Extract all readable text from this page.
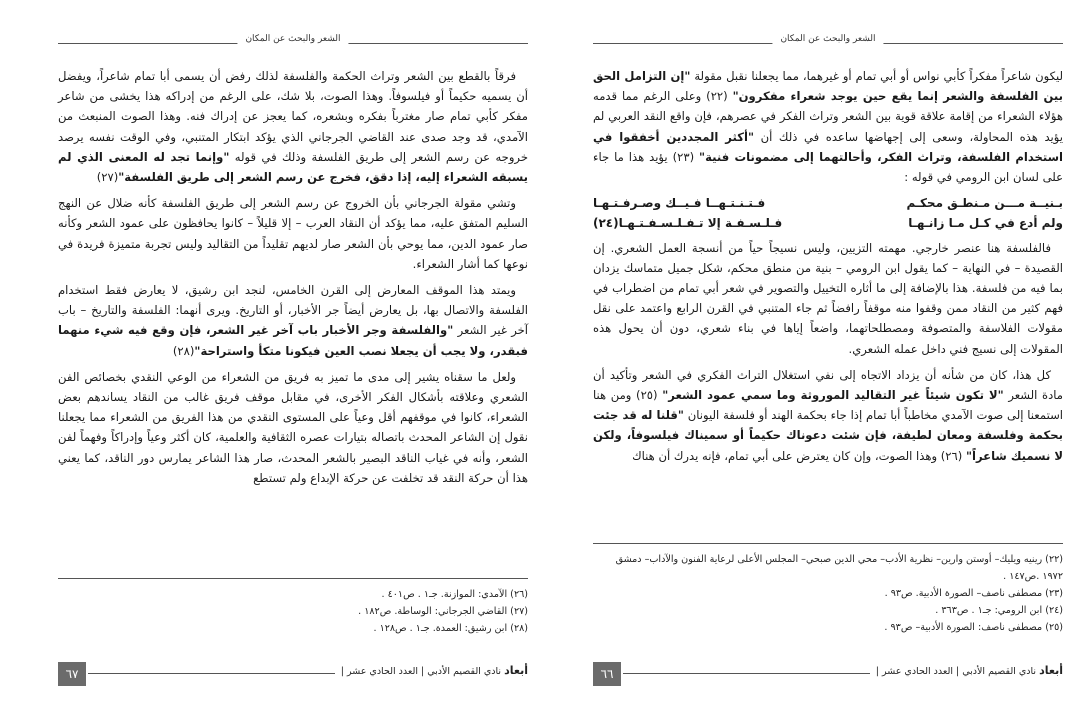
الشعر والبحث عن المكان

فرقاً بالقطع بين الشعر وتراث الحكمة والفلسفة لذلك رفض أن يسمى أبا تمام شاعراً، ويفضل أن يسميه حكيماً أو فيلسوفاً. وهذا الصوت، بلا شك، على الرغم من إدراكه هذا يخشى من شاعر مفكر كأبي تمام صار مغترباً بفكره وبشعره، كما يعجز عن إدراك فنه. وهذا الصوت المنبعث من الآمدي، قد وجد صدى عند القاضي الجرجاني الذي يؤكد ابتكار المتنبي، وفي الوقت نفسه يرصد خروجه عن رسم الشعر إلى طريق الفلسفة وذلك في قوله "وإنما تجد له المعنى الذي لم يسبقه الشعراء إليه، إذا دقق، فخرج عن رسم الشعر إلى طريق الفلسفة"(٢٧)

وتشي مقولة الجرجاني بأن الخروج عن رسم الشعر إلى طريق الفلسفة كأنه ضلال عن النهج السليم المتفق عليه، مما يؤكد أن النقاد العرب – إلا قليلاً – كانوا يحافظون على عمود الشعر وكأنه صار عمود الدين، مما يوحي بأن الشعر صار لديهم تقليداً من التقاليد وليس تجربة متميزة فريدة في نوعها كما أشار الشعراء.

ويمتد هذا الموقف المعارض إلى القرن الخامس، لنجد ابن رشيق، لا يعارض فقط استخدام الفلسفة والاتصال بها، بل يعارض أيضاً جر الأخبار، أو التاريخ. ويرى أنهما: الفلسفة والتاريخ – باب آخر غير الشعر "والفلسفة وجر الأخبار باب آخر غير الشعر، فإن وقع فيه شيء منهما فبقدر، ولا يجب أن يجعلا نصب العين فيكونا متكأ واستراحة"(٢٨)

ولعل ما سقناه يشير إلى مدى ما تميز به فريق من الشعراء من الوعي النقدي بخصائص الفن الشعري وعلاقته بأشكال الفكر الأخرى، في مقابل موقف فريق غالب من النقاد يساندهم بعض الشعراء، كانوا في موقفهم أقل وعياً على المستوى النقدي من هذا الفريق من الشعراء مما يجعلنا نقول إن الشاعر المحدث باتصاله بتيارات عصره الثقافية والعلمية، كان أكثر وعياً وإدراكاً وفهماً لفن الشعر، وأنه في غياب الناقد البصير بالشعر المحدث، صار هذا الشاعر يمارس دور الناقد، كما يعني هذا أن حركة النقد قد تخلفت عن حركة الإبداع ولم تستطع

(٢٦) الآمدي: الموازنة. جـ١ . ص٤٠١ .
(٢٧) القاضي الجرجاني: الوساطة. ص١٨٢ .
(٢٨) ابن رشيق: العمدة. جـ١ . ص١٢٨ .
٦٧	أبعاد نادي القصيم الأدبي | العدد الحادي عشر |
الشعر والبحث عن المكان

ليكون شاعراً مفكراً كأبي نواس أو أبي تمام أو غيرهما، مما يجعلنا نقبل مقولة "إن التزامل الحق بين الفلسفة والشعر إنما يقع حين يوجد شعراء مفكرون" (٢٢) وعلى الرغم مما قدمه هؤلاء الشعراء من إقامة علاقة قوية بين الشعر وتراث الفكر في عصرهم، فإن واقع النقد العربي لم يؤيد هذه المحاولة، وسعى إلى إجهاضها ساعده في ذلك أن "أكثر المجددين أخفقوا في استخدام الفلسفة، وتراث الفكر، وأحالتهما إلى مضمونات فنية" (٢٣) يؤيد هذا ما جاء على لسان ابن الرومي في قوله :

بـنيــة مـــن مـنطـق محكـم
فـتـنـتـهــا فـيــك وصـرفـتـهـا
ولم أدع في كـل مـا زانـهـا
فـلـسـفـة إلا تـفـلـسـفـتـهـا(٢٤)

فالفلسفة هنا عنصر خارجي. مهمته التزيين، وليس نسيجاً حياً من أنسجة العمل الشعري. إن القصيدة – في النهاية – كما يقول ابن الرومي – بنية من منطق محكم، شكل جميل متماسك يزدان بما فيه من فلسفة. هذا بالإضافة إلى ما أثاره التخييل والتصوير في شعر أبي تمام من اضطراب في فهم كثير من النقاد ممن وقفوا منه موقفاً رافضاً ثم جاء المتنبي في القرن الرابع واعتمد على نقل مقولات الفلاسفة والمتصوفة ومصطلحاتهما، واضعاً إياها في بناء شعري، دون أن يحول هذه المقولات إلى نسيج فني داخل عمله الشعري.

كل هذا، كان من شأنه أن يزداد الاتجاه إلى نفي استغلال التراث الفكري في الشعر وتأكيد أن مادة الشعر "لا تكون شيئاً غير التقاليد الموروثة وما سمي عمود الشعر" (٢٥) ومن هنا استمعنا إلى صوت الآمدي مخاطباً أبا تمام إذا جاء بحكمة الهند أو فلسفة اليونان "قلنا له قد جئت بحكمة وفلسفة ومعان لطيفة، فإن شئت دعوناك حكيماً أو سميناك فيلسوفاً، ولكن لا نسميك شاعراً" (٢٦) وهذا الصوت، وإن كان يعترض على أبي تمام، فإنه يدرك أن هناك

(٢٢) رينيه ويليك– أوستن وارين– نظرية الأدب– محي الدين صبحي– المجلس الأعلى لرعاية الفنون والآداب– دمشق
١٩٧٢ .ص١٤٧ .
(٢٣) مصطفى ناصف– الصورة الأدبية. ص٩٣ .
(٢٤) ابن الرومي: جـ١ . ص٣٦٣ .
(٢٥) مصطفى ناصف: الصورة الأدبية– ص٩٣ .
٦٦	أبعاد نادي القصيم الأدبي | العدد الحادي عشر |
